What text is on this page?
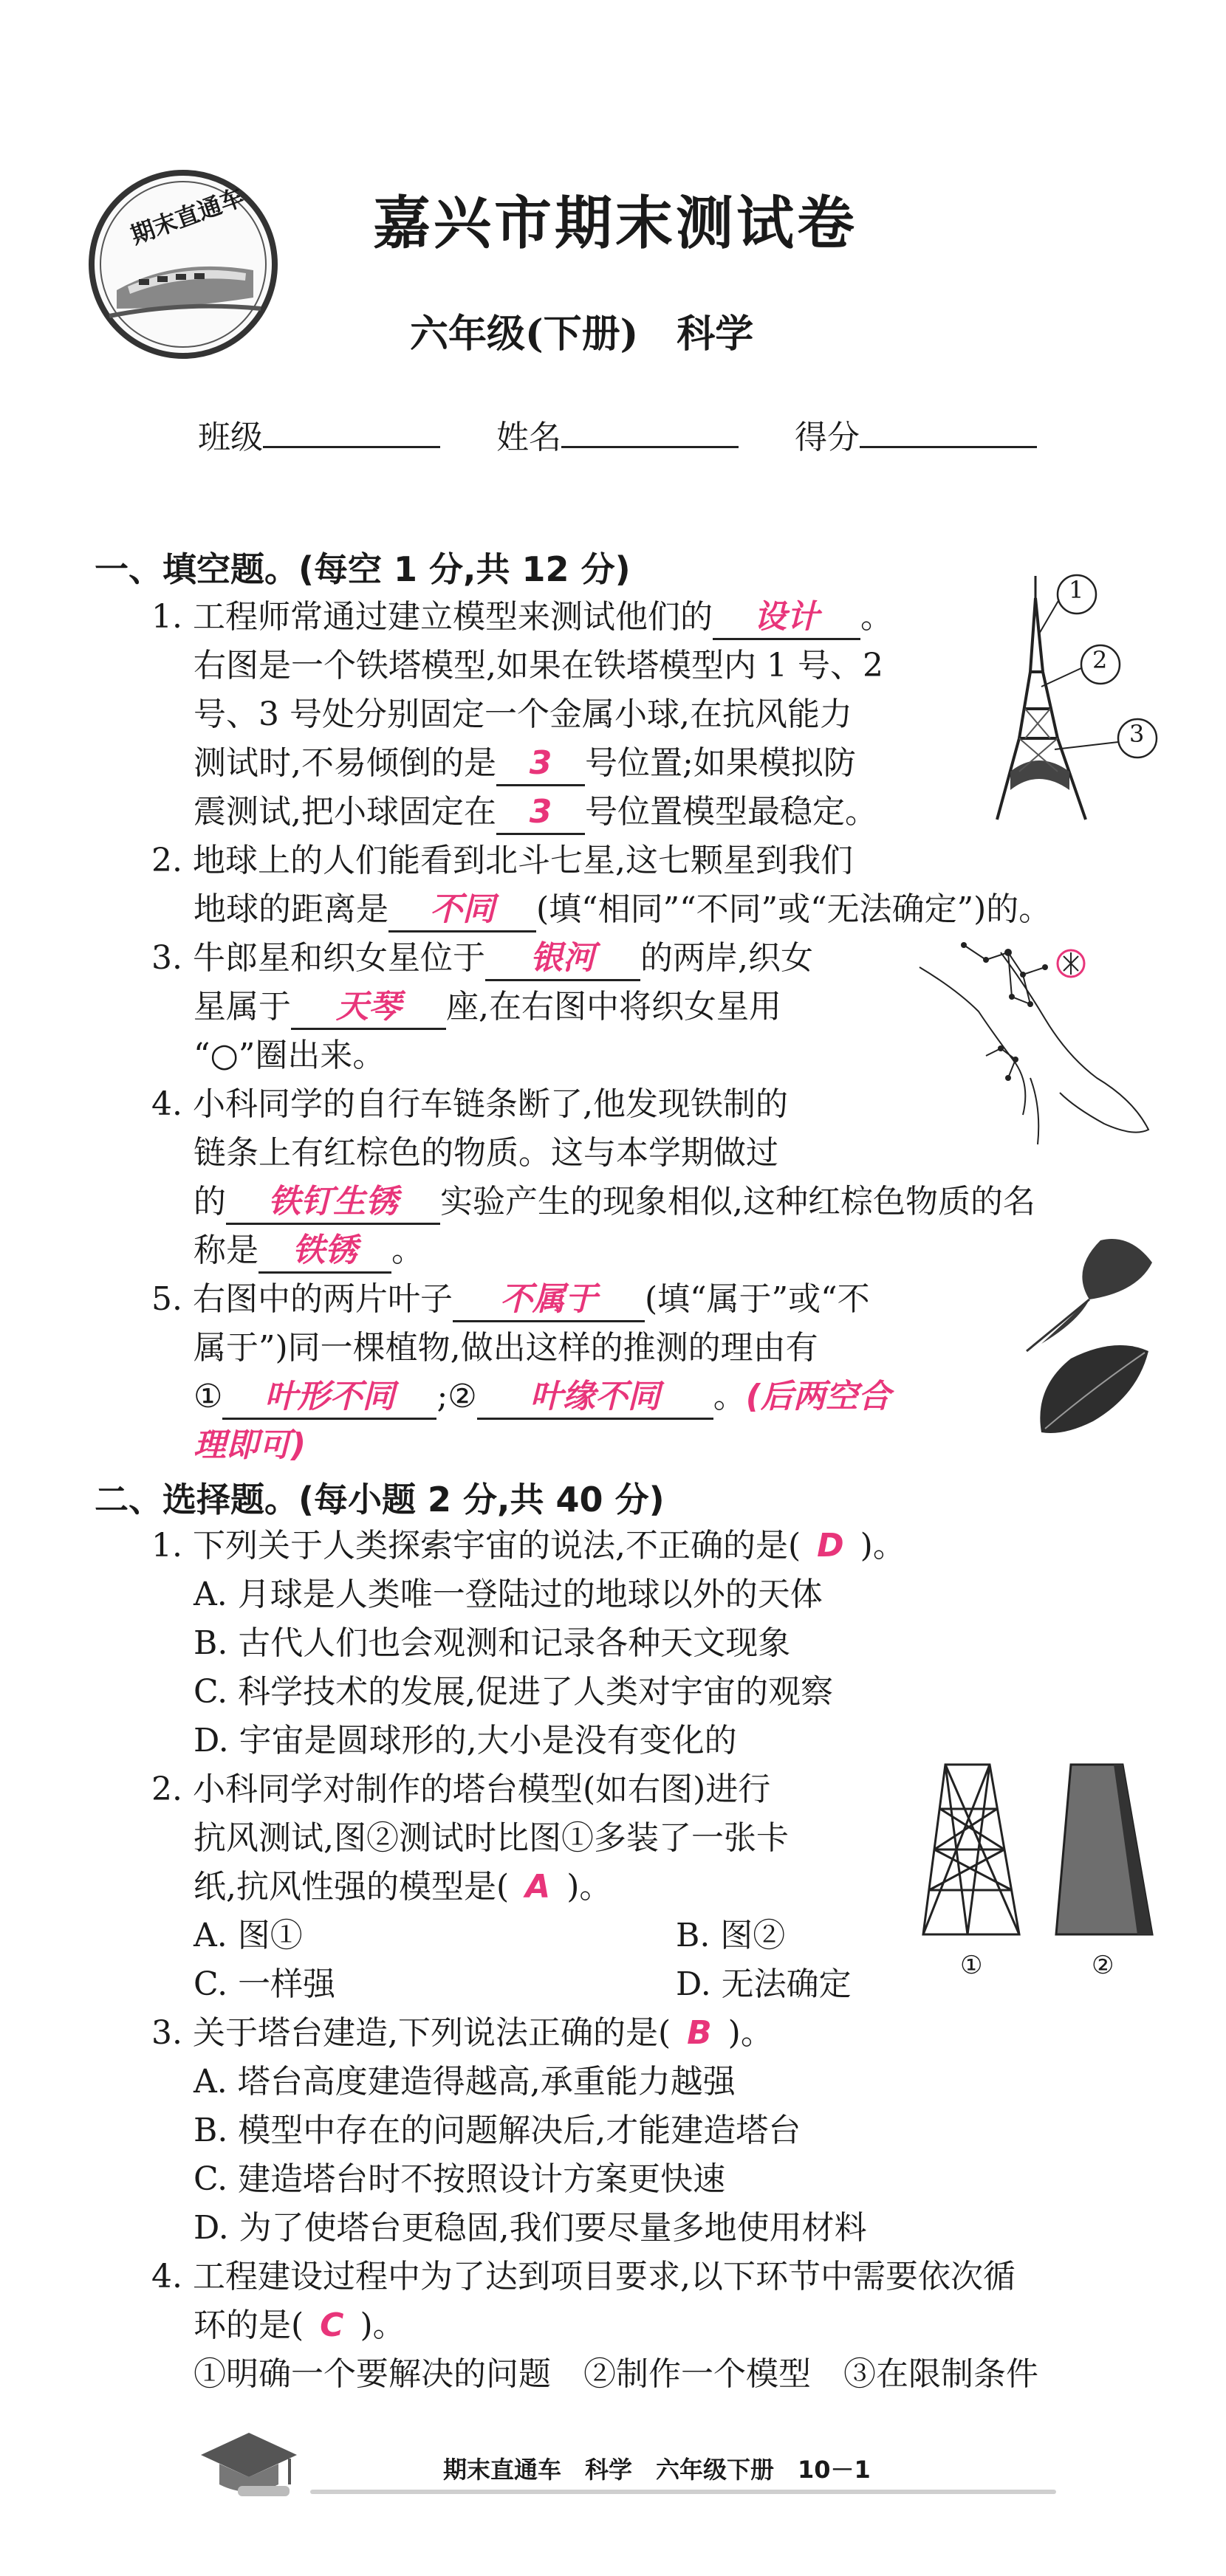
期末直通车 嘉兴市期末测试卷
六年级(下册)　科学
班级	姓名	得分
一、填空题。(每空 1 分,共 12 分)
1. 工程师常通过建立模型来测试他们的 设计 。
右图是一个铁塔模型,如果在铁塔模型内 1 号、2
号、3 号处分别固定一个金属小球,在抗风能力
测试时,不易倾倒的是 3 号位置;如果模拟防
震测试,把小球固定在 3 号位置模型最稳定。
1
2
3
2. 地球上的人们能看到北斗七星,这七颗星到我们
地球的距离是 不同 (填“相同”“不同”或“无法确定”)的。
3. 牛郎星和织女星位于 银河 的两岸,织女
星属于 天琴 座,在右图中将织女星用
“○”圈出来。
4. 小科同学的自行车链条断了,他发现铁制的
链条上有红棕色的物质。这与本学期做过
的 铁钉生锈 实验产生的现象相似,这种红棕色物质的名
称是 铁锈 。
5. 右图中的两片叶子 不属于 (填“属于”或“不
属于”)同一棵植物,做出这样的推测的理由有
① 叶形不同 ;② 叶缘不同 。(后两空合
理即可)
二、选择题。(每小题 2 分,共 40 分)
1. 下列关于人类探索宇宙的说法,不正确的是( D )。
A. 月球是人类唯一登陆过的地球以外的天体
B. 古代人们也会观测和记录各种天文现象
C. 科学技术的发展,促进了人类对宇宙的观察
D. 宇宙是圆球形的,大小是没有变化的
2. 小科同学对制作的塔台模型(如右图)进行
抗风测试,图②测试时比图①多装了一张卡
纸,抗风性强的模型是( A )。
A. 图①	B. 图②
C. 一样强	D. 无法确定	①	②
3. 关于塔台建造,下列说法正确的是( B )。
A. 塔台高度建造得越高,承重能力越强
B. 模型中存在的问题解决后,才能建造塔台
C. 建造塔台时不按照设计方案更快速
D. 为了使塔台更稳固,我们要尽量多地使用材料
4. 工程建设过程中为了达到项目要求,以下环节中需要依次循
环的是( C )。
①明确一个要解决的问题　②制作一个模型　③在限制条件
期末直通车　科学　六年级下册　10－1
